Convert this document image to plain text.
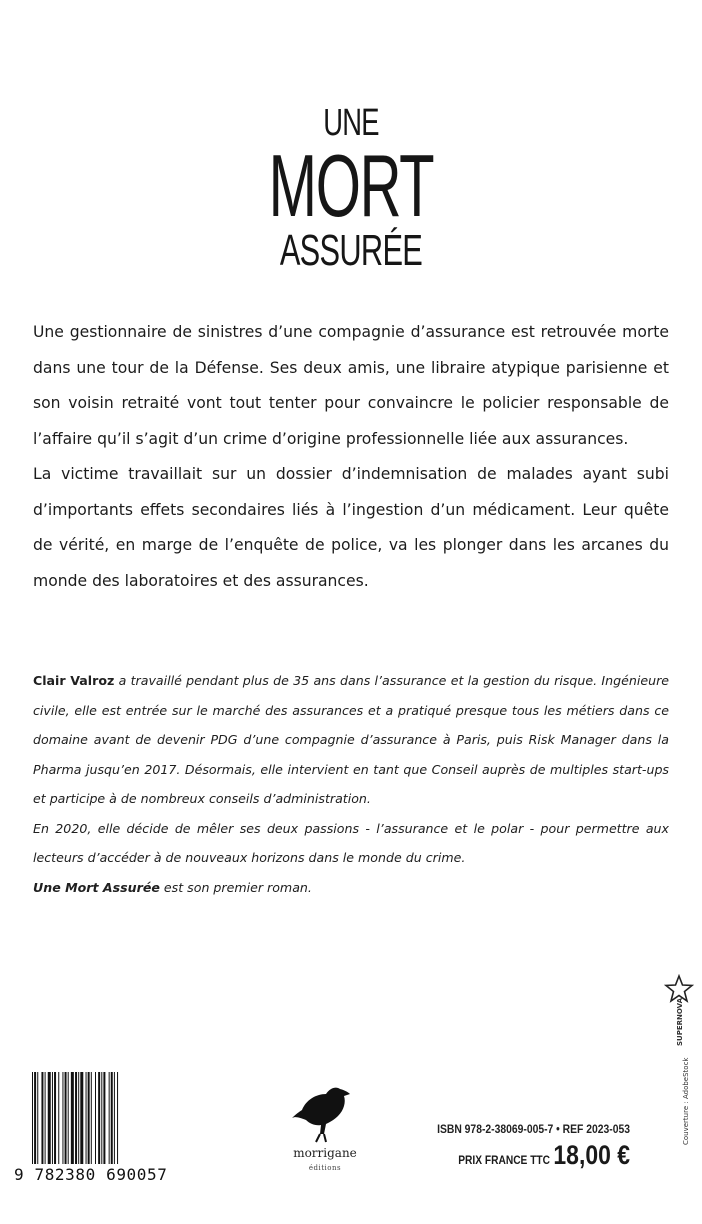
UNE
MORT
ASSURÉE

Une gestionnaire de sinistres d’une compagnie d’assurance est retrouvée morte dans une tour de la Défense. Ses deux amis, une libraire atypique parisienne et son voisin retraité vont tout tenter pour convaincre le policier responsable de l’affaire qu’il s’agit d’un crime d’origine professionnelle liée aux assurances.

La victime travaillait sur un dossier d’indemnisation de malades ayant subi d’importants effets secondaires liés à l’ingestion d’un médicament. Leur quête de vérité, en marge de l’enquête de police, va les plonger dans les arcanes du monde des laboratoires et des assurances.

Clair Valroz a travaillé pendant plus de 35 ans dans l’assurance et la gestion du risque. Ingénieure civile, elle est entrée sur le marché des assurances et a pratiqué presque tous les métiers dans ce domaine avant de devenir PDG d’une compagnie d’assurance à Paris, puis Risk Manager dans la Pharma jusqu’en 2017. Désormais, elle intervient en tant que Conseil auprès de multiples start-ups et participe à de nombreux conseils d’administration.

En 2020, elle décide de mêler ses deux passions - l’assurance et le polar - pour permettre aux lecteurs d’accéder à de nouveaux horizons dans le monde du crime.

Une Mort Assurée est son premier roman.

SUPERNOVA
Couverture : AdobeStock
9 782380 690057
morrigane
éditions
ISBN 978-2-38069-005-7 • REF 2023-053
PRIX FRANCE TTC 18,00 €
